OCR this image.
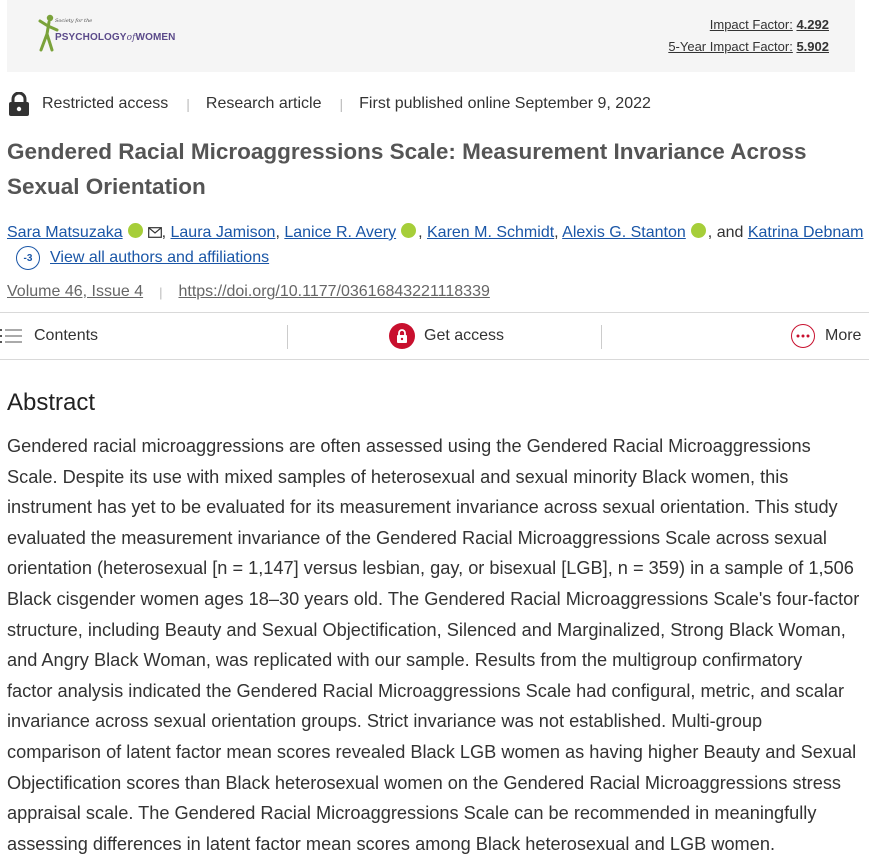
Society for the
PSYCHOLOGYofWOMEN
Impact Factor: 4.292
5-Year Impact Factor: 5.902
Restricted access | Research article | First published online September 9, 2022
Gendered Racial Microaggressions Scale: Measurement Invariance Across Sexual Orientation
Sara Matsuzaka , Laura Jamison, Lanice R. Avery , Karen M. Schmidt, Alexis G. Stanton , and Katrina Debnam
-3	View all authors and affiliations
Volume 46, Issue 4 | https://doi.org/10.1177/03616843221118339
Contents	Get access	More
Abstract

Gendered racial microaggressions are often assessed using the Gendered Racial Microaggressions
Scale. Despite its use with mixed samples of heterosexual and sexual minority Black women, this
instrument has yet to be evaluated for its measurement invariance across sexual orientation. This study
evaluated the measurement invariance of the Gendered Racial Microaggressions Scale across sexual
orientation (heterosexual [n = 1,147] versus lesbian, gay, or bisexual [LGB], n = 359) in a sample of 1,506
Black cisgender women ages 18–30 years old. The Gendered Racial Microaggressions Scale's four-factor
structure, including Beauty and Sexual Objectification, Silenced and Marginalized, Strong Black Woman,
and Angry Black Woman, was replicated with our sample. Results from the multigroup confirmatory
factor analysis indicated the Gendered Racial Microaggressions Scale had configural, metric, and scalar
invariance across sexual orientation groups. Strict invariance was not established. Multi-group
comparison of latent factor mean scores revealed Black LGB women as having higher Beauty and Sexual
Objectification scores than Black heterosexual women on the Gendered Racial Microaggressions stress
appraisal scale. The Gendered Racial Microaggressions Scale can be recommended in meaningfully
assessing differences in latent factor mean scores among Black heterosexual and LGB women.
